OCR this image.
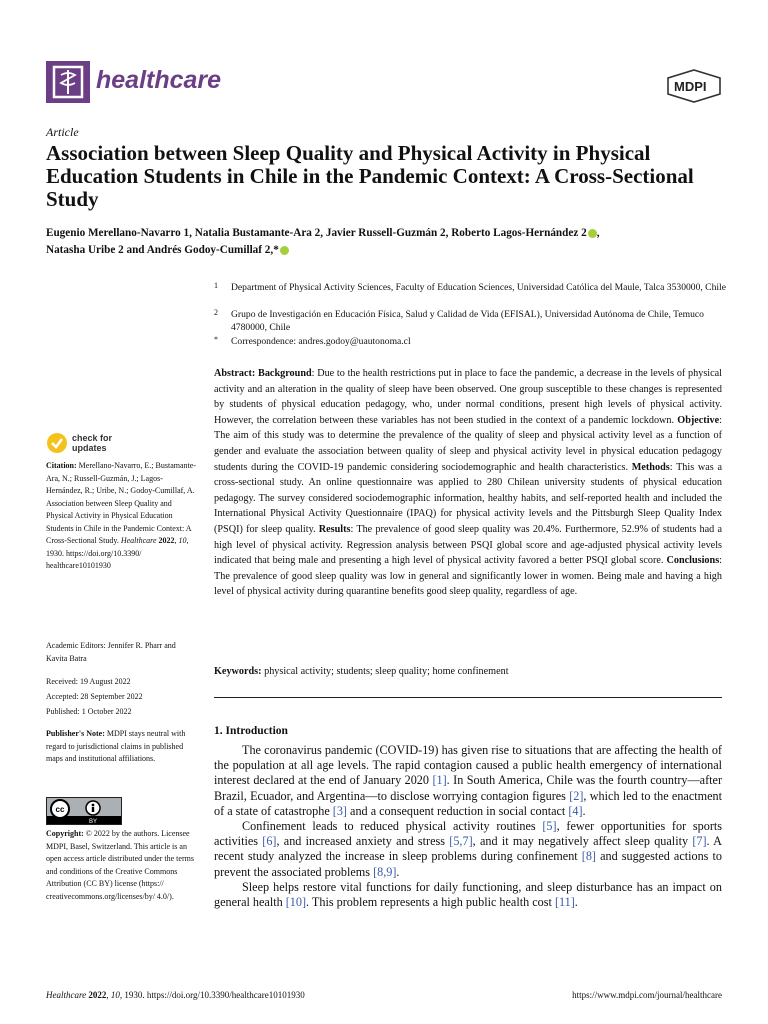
healthcare	MDPI
Article
Association between Sleep Quality and Physical Activity in Physical Education Students in Chile in the Pandemic Context: A Cross-Sectional Study
Eugenio Merellano-Navarro 1, Natalia Bustamante-Ara 2, Javier Russell-Guzmán 2, Roberto Lagos-Hernández 2 ,
Natasha Uribe 2 and Andrés Godoy-Cumillaf 2,*
1 Department of Physical Activity Sciences, Faculty of Education Sciences, Universidad Católica del Maule, Talca 3530000, Chile
2 Grupo de Investigación en Educación Física, Salud y Calidad de Vida (EFISAL), Universidad Autónoma de Chile, Temuco 4780000, Chile
* Correspondence: andres.godoy@uautonoma.cl
Abstract: Background: Due to the health restrictions put in place to face the pandemic, a decrease in the levels of physical activity and an alteration in the quality of sleep have been observed. One group susceptible to these changes is represented by students of physical education pedagogy, who, under normal conditions, present high levels of physical activity. However, the correlation between these variables has not been studied in the context of a pandemic lockdown. Objective: The aim of this study was to determine the prevalence of the quality of sleep and physical activity level as a function of gender and evaluate the association between quality of sleep and physical activity level in physical education pedagogy students during the COVID-19 pandemic considering sociodemographic and health characteristics. Methods: This was a cross-sectional study. An online questionnaire was applied to 280 Chilean university students of physical education pedagogy. The survey considered sociodemographic information, healthy habits, and self-reported health and included the International Physical Activity Questionnaire (IPAQ) for physical activity levels and the Pittsburgh Sleep Quality Index (PSQI) for sleep quality. Results: The prevalence of good sleep quality was 20.4%. Furthermore, 52.9% of students had a high level of physical activity. Regression analysis between PSQI global score and age-adjusted physical activity levels indicated that being male and presenting a high level of physical activity favored a better PSQI global score. Conclusions: The prevalence of good sleep quality was low in general and significantly lower in women. Being male and having a high level of physical activity during quarantine benefits good sleep quality, regardless of age.
Keywords: physical activity; students; sleep quality; home confinement
1. Introduction

The coronavirus pandemic (COVID-19) has given rise to situations that are affecting the health of the population at all age levels. The rapid contagion caused a public health emergency of international interest declared at the end of January 2020 [1]. In South America, Chile was the fourth country—after Brazil, Ecuador, and Argentina—to disclose worrying contagion figures [2], which led to the enactment of a state of catastrophe [3] and a consequent reduction in social contact [4].

Confinement leads to reduced physical activity routines [5], fewer opportunities for sports activities [6], and increased anxiety and stress [5,7], and it may negatively affect sleep quality [7]. A recent study analyzed the increase in sleep problems during confinement [8] and suggested actions to prevent the associated problems [8,9].

Sleep helps restore vital functions for daily functioning, and sleep disturbance has an impact on general health [10]. This problem represents a high public health cost [11].

check for updates
Citation: Merellano-Navarro, E.; Bustamante-Ara, N.; Russell-Guzmán, J.; Lagos-Hernández, R.; Uribe, N.; Godoy-Cumillaf, A. Association between Sleep Quality and Physical Activity in Physical Education Students in Chile in the Pandemic Context: A Cross-Sectional Study. Healthcare 2022, 10, 1930. https://doi.org/10.3390/ healthcare10101930
Academic Editors: Jennifer R. Pharr and Kavita Batra
Received: 19 August 2022
Accepted: 28 September 2022
Published: 1 October 2022
Publisher's Note: MDPI stays neutral with regard to jurisdictional claims in published maps and institutional affiliations.
cc
BY
Copyright: © 2022 by the authors. Licensee MDPI, Basel, Switzerland. This article is an open access article distributed under the terms and conditions of the Creative Commons Attribution (CC BY) license (https:// creativecommons.org/licenses/by/ 4.0/).
Healthcare 2022, 10, 1930. https://doi.org/10.3390/healthcare10101930	https://www.mdpi.com/journal/healthcare
